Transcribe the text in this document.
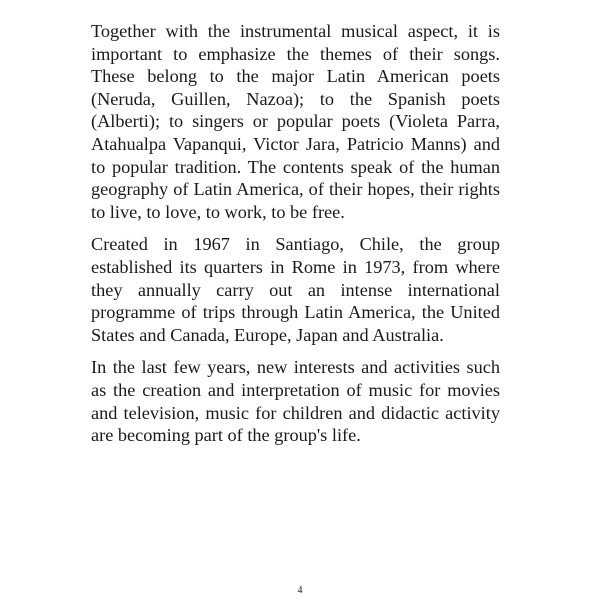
Together with the instrumental musical aspect, it is important to emphasize the themes of their songs. These belong to the major Latin American poets (Neruda, Guillen, Nazoa); to the Spanish poets (Alberti); to singers or popular poets (Violeta Parra, Atahualpa Vapanqui, Victor Jara, Patricio Manns) and to popular tradition. The contents speak of the human geography of Latin America, of their hopes, their rights to live, to love, to work, to be free.

Created in 1967 in Santiago, Chile, the group established its quarters in Rome in 1973, from where they annually carry out an intense international programme of trips through Latin America, the United States and Canada, Europe, Japan and Australia.

In the last few years, new interests and activities such as the creation and interpretation of music for movies and television, music for children and didactic activity are becoming part of the group's life.

4
